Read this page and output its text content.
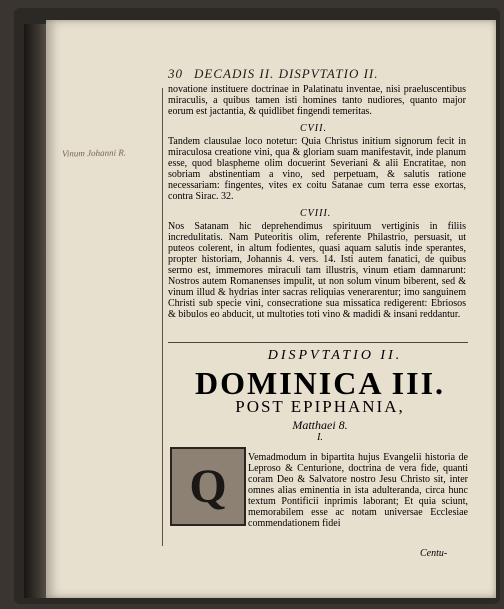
Vinum Johanni R.
30 DECADIS II. DISPVTATIO II.
novatione instituere doctrinae in Palatinatu inventae, nisi praeluscentibus miraculis, a quibus tamen isti homines tanto nudiores, quanto major eorum est jactantia, & quidlibet fingendi temeritas.
CVII.
Tandem clausulae loco notetur: Quia Christus initium signorum fecit in miraculosa creatione vini, qua & gloriam suam manifestavit, inde planum esse, quod blaspheme olim docuerint Severiani & alii Encratitae, non sobriam abstinentiam a vino, sed perpetuam, & salutis ratione necessariam: fingentes, vites ex coitu Satanae cum terra esse exortas, contra Sirac. 32.
CVIII.
Nos Satanam hic deprehendimus spirituum vertiginis in filiis incredulitatis. Nam Puteoritis olim, referente Philastrio, persuasit, ut puteos colerent, in altum fodientes, quasi aquam salutis inde sperantes, propter historiam, Johannis 4. vers. 14. Isti autem fanatici, de quibus sermo est, immemores miraculi tam illustris, vinum etiam damnarunt: Nostros autem Romanenses impulit, ut non solum vinum biberent, sed & vinum illud & hydrias inter sacras reliquias venerarentur; imo sanguinem Christi sub specie vini, consecratione sua missatica redigerent: Ebriosos & bibulos eo abducit, ut multoties toti vino & madidi & insani reddantur.
DISPVTATIO II.
DOMINICA III.
POST EPIPHANIA,
Matthaei 8.
I.
Q
Vemadmodum in bipartita hujus Evangelii historia de Leproso & Centurione, doctrina de vera fide, quanti coram Deo & Salvatore nostro Jesu Christo sit, inter omnes alias eminentia in ista adulteranda, circa hunc textum Pontificii inprimis laborant; Et quia sciunt, memorabilem esse ac notam universae Ecclesiae commendationem fidei
Centu-
